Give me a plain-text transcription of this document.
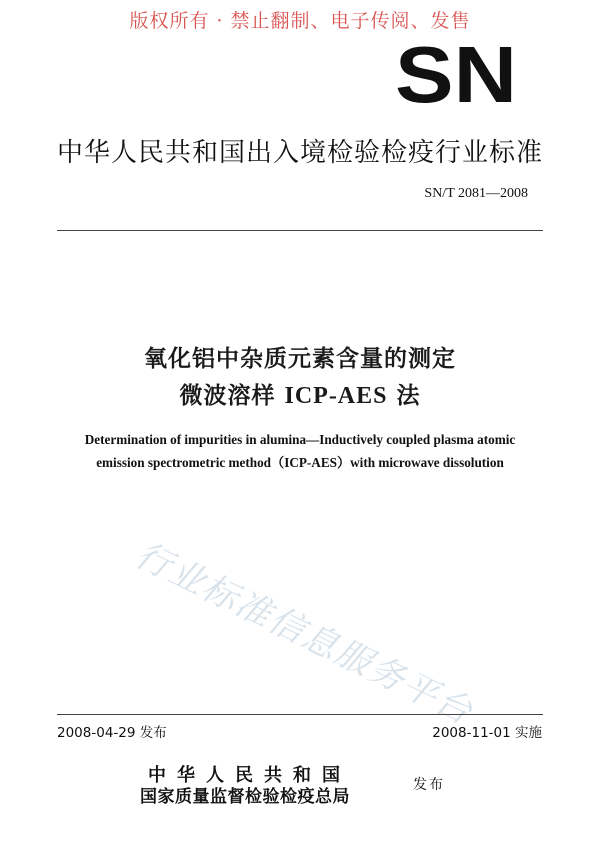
版权所有 · 禁止翻制、电子传阅、发售
SN
中华人民共和国出入境检验检疫行业标准
SN/T 2081—2008
氧化铝中杂质元素含量的测定
微波溶样 ICP-AES 法
Determination of impurities in alumina—Inductively coupled plasma atomic
emission spectrometric method（ICP-AES）with microwave dissolution
行业标准信息服务平台
2008-04-29 发布	2008-11-01 实施
中华人民共和国
国家质量监督检验检疫总局
发布
